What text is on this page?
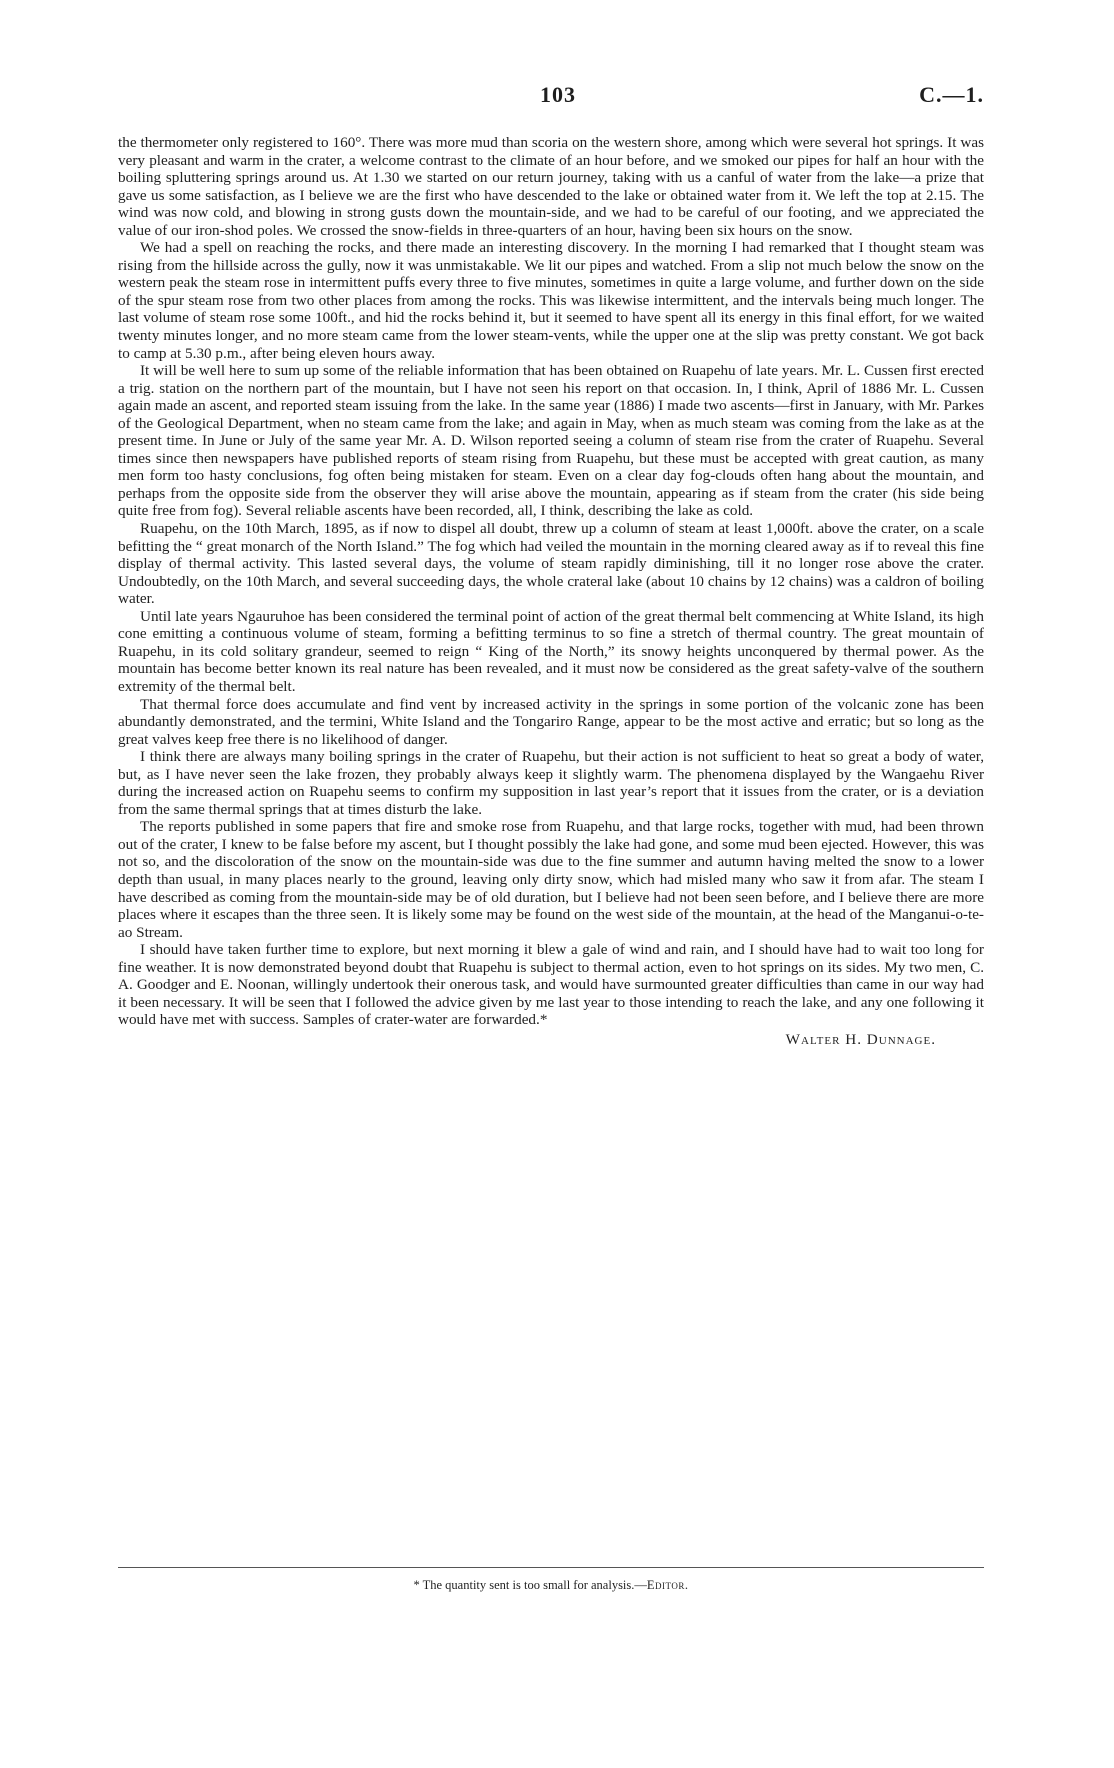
103	C.—1.

the thermometer only registered to 160°. There was more mud than scoria on the western shore, among which were several hot springs. It was very pleasant and warm in the crater, a welcome contrast to the climate of an hour before, and we smoked our pipes for half an hour with the boiling spluttering springs around us. At 1.30 we started on our return journey, taking with us a canful of water from the lake—a prize that gave us some satisfaction, as I believe we are the first who have descended to the lake or obtained water from it. We left the top at 2.15. The wind was now cold, and blowing in strong gusts down the mountain-side, and we had to be careful of our footing, and we appreciated the value of our iron-shod poles. We crossed the snow-fields in three-quarters of an hour, having been six hours on the snow.

We had a spell on reaching the rocks, and there made an interesting discovery. In the morning I had remarked that I thought steam was rising from the hillside across the gully, now it was unmistakable. We lit our pipes and watched. From a slip not much below the snow on the western peak the steam rose in intermittent puffs every three to five minutes, sometimes in quite a large volume, and further down on the side of the spur steam rose from two other places from among the rocks. This was likewise intermittent, and the intervals being much longer. The last volume of steam rose some 100ft., and hid the rocks behind it, but it seemed to have spent all its energy in this final effort, for we waited twenty minutes longer, and no more steam came from the lower steam-vents, while the upper one at the slip was pretty constant. We got back to camp at 5.30 p.m., after being eleven hours away.

It will be well here to sum up some of the reliable information that has been obtained on Ruapehu of late years. Mr. L. Cussen first erected a trig. station on the northern part of the mountain, but I have not seen his report on that occasion. In, I think, April of 1886 Mr. L. Cussen again made an ascent, and reported steam issuing from the lake. In the same year (1886) I made two ascents—first in January, with Mr. Parkes of the Geological Department, when no steam came from the lake; and again in May, when as much steam was coming from the lake as at the present time. In June or July of the same year Mr. A. D. Wilson reported seeing a column of steam rise from the crater of Ruapehu. Several times since then newspapers have published reports of steam rising from Ruapehu, but these must be accepted with great caution, as many men form too hasty conclusions, fog often being mistaken for steam. Even on a clear day fog-clouds often hang about the mountain, and perhaps from the opposite side from the observer they will arise above the mountain, appearing as if steam from the crater (his side being quite free from fog). Several reliable ascents have been recorded, all, I think, describing the lake as cold.

Ruapehu, on the 10th March, 1895, as if now to dispel all doubt, threw up a column of steam at least 1,000ft. above the crater, on a scale befitting the “ great monarch of the North Island.” The fog which had veiled the mountain in the morning cleared away as if to reveal this fine display of thermal activity. This lasted several days, the volume of steam rapidly diminishing, till it no longer rose above the crater. Undoubtedly, on the 10th March, and several succeeding days, the whole crateral lake (about 10 chains by 12 chains) was a caldron of boiling water.

Until late years Ngauruhoe has been considered the terminal point of action of the great thermal belt commencing at White Island, its high cone emitting a continuous volume of steam, forming a befitting terminus to so fine a stretch of thermal country. The great mountain of Ruapehu, in its cold solitary grandeur, seemed to reign “ King of the North,” its snowy heights unconquered by thermal power. As the mountain has become better known its real nature has been revealed, and it must now be considered as the great safety-valve of the southern extremity of the thermal belt.

That thermal force does accumulate and find vent by increased activity in the springs in some portion of the volcanic zone has been abundantly demonstrated, and the termini, White Island and the Tongariro Range, appear to be the most active and erratic; but so long as the great valves keep free there is no likelihood of danger.

I think there are always many boiling springs in the crater of Ruapehu, but their action is not sufficient to heat so great a body of water, but, as I have never seen the lake frozen, they probably always keep it slightly warm. The phenomena displayed by the Wangaehu River during the increased action on Ruapehu seems to confirm my supposition in last year’s report that it issues from the crater, or is a deviation from the same thermal springs that at times disturb the lake.

The reports published in some papers that fire and smoke rose from Ruapehu, and that large rocks, together with mud, had been thrown out of the crater, I knew to be false before my ascent, but I thought possibly the lake had gone, and some mud been ejected. However, this was not so, and the discoloration of the snow on the mountain-side was due to the fine summer and autumn having melted the snow to a lower depth than usual, in many places nearly to the ground, leaving only dirty snow, which had misled many who saw it from afar. The steam I have described as coming from the mountain-side may be of old duration, but I believe had not been seen before, and I believe there are more places where it escapes than the three seen. It is likely some may be found on the west side of the mountain, at the head of the Manganui-o-te-ao Stream.

I should have taken further time to explore, but next morning it blew a gale of wind and rain, and I should have had to wait too long for fine weather. It is now demonstrated beyond doubt that Ruapehu is subject to thermal action, even to hot springs on its sides. My two men, C. A. Goodger and E. Noonan, willingly undertook their onerous task, and would have surmounted greater difficulties than came in our way had it been necessary. It will be seen that I followed the advice given by me last year to those intending to reach the lake, and any one following it would have met with success. Samples of crater-water are forwarded.*

Walter H. Dunnage.
* The quantity sent is too small for analysis.—Editor.
